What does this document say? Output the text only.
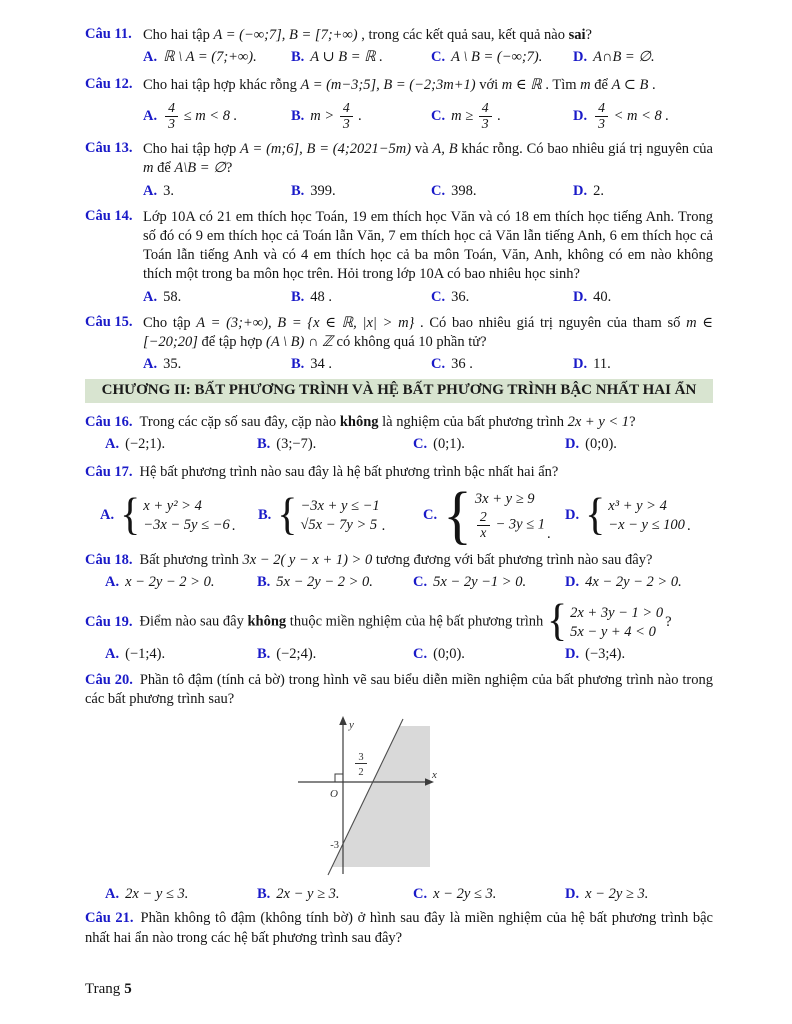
Câu 11. Cho hai tập A = (−∞;7], B = [7;+∞) , trong các kết quả sau, kết quả nào sai?

A. ℝ \ A = (7;+∞).	B. A ∪ B = ℝ .	C. A \ B = (−∞;7).	D. A∩B = ∅.
Câu 12. Cho hai tập hợp khác rỗng A = (m−3;5], B = (−2;3m+1) với m ∈ ℝ . Tìm m để A ⊂ B .

A. $\frac{4}{3} \le m < 8$ .	B. $m > \frac{4}{3}$ .	C. $m \ge \frac{4}{3}$ .	D. $\frac{4}{3} < m < 8$ .
Câu 13. Cho hai tập hợp A = (m;6], B = (4;2021−5m) và A, B khác rỗng. Có bao nhiêu giá trị nguyên của m để A\B = ∅?

A. 3.	B. 399.	C. 398.	D. 2.
Câu 14. Lớp 10A có 21 em thích học Toán, 19 em thích học Văn và có 18 em thích học tiếng Anh. Trong số đó có 9 em thích học cả Toán lẫn Văn, 7 em thích học cả Văn lẫn tiếng Anh, 6 em thích học cả Toán lẫn tiếng Anh và có 4 em thích học cả ba môn Toán, Văn, Anh, không có em nào không thích một trong ba môn học trên. Hỏi trong lớp 10A có bao nhiêu học sinh?

A. 58.	B. 48 .	C. 36.	D. 40.
Câu 15. Cho tập A = (3;+∞), B = {x ∈ ℝ, |x| > m} . Có bao nhiêu giá trị nguyên của tham số m ∈ [−20;20] để tập hợp (A \ B) ∩ ℤ có không quá 10 phần tử?

A. 35.	B. 34 .	C. 36 .	D. 11.
CHƯƠNG II: BẤT PHƯƠNG TRÌNH VÀ HỆ BẤT PHƯƠNG TRÌNH BẬC NHẤT HAI ẨN

Câu 16. Trong các cặp số sau đây, cặp nào không là nghiệm của bất phương trình 2x + y < 1?

A. (−2;1).	B. (3;−7).	C. (0;1).	D. (0;0).

Câu 17. Hệ bất phương trình nào sau đây là hệ bất phương trình bậc nhất hai ẩn?

A. { x + y² > 4
−3x − 5y ≤ −6 .
B. { −3x + y ≤ −1
√5x − 7y > 5 .
C. { 3x + y ≥ 9
$\frac{2}{x} - 3y \le 1$
.
D. { x³ + y > 4
−x − y ≤ 100 .

Câu 18. Bất phương trình 3x − 2( y − x + 1) > 0 tương đương với bất phương trình nào sau đây?

A. x − 2y − 2 > 0.	B. 5x − 2y − 2 > 0.	C. 5x − 2y −1 > 0.	D. 4x − 2y − 2 > 0.

Câu 19. Điểm nào sau đây không thuộc miền nghiệm của hệ bất phương trình { 2x + 3y − 1 > 0
5x − y + 4 < 0
?

A. (−1;4).	B. (−2;4).	C. (0;0).	D. (−3;4).

Câu 20. Phần tô đậm (tính cả bờ) trong hình vẽ sau biểu diễn miền nghiệm của bất phương trình nào trong các bất phương trình sau?

y
x
O
3
2
-3
A. 2x − y ≤ 3.	B. 2x − y ≥ 3.	C. x − 2y ≤ 3.	D. x − 2y ≥ 3.

Câu 21. Phần không tô đậm (không tính bờ) ở hình sau đây là miền nghiệm của hệ bất phương trình bậc nhất hai ẩn nào trong các hệ bất phương trình sau đây?

Trang 5
